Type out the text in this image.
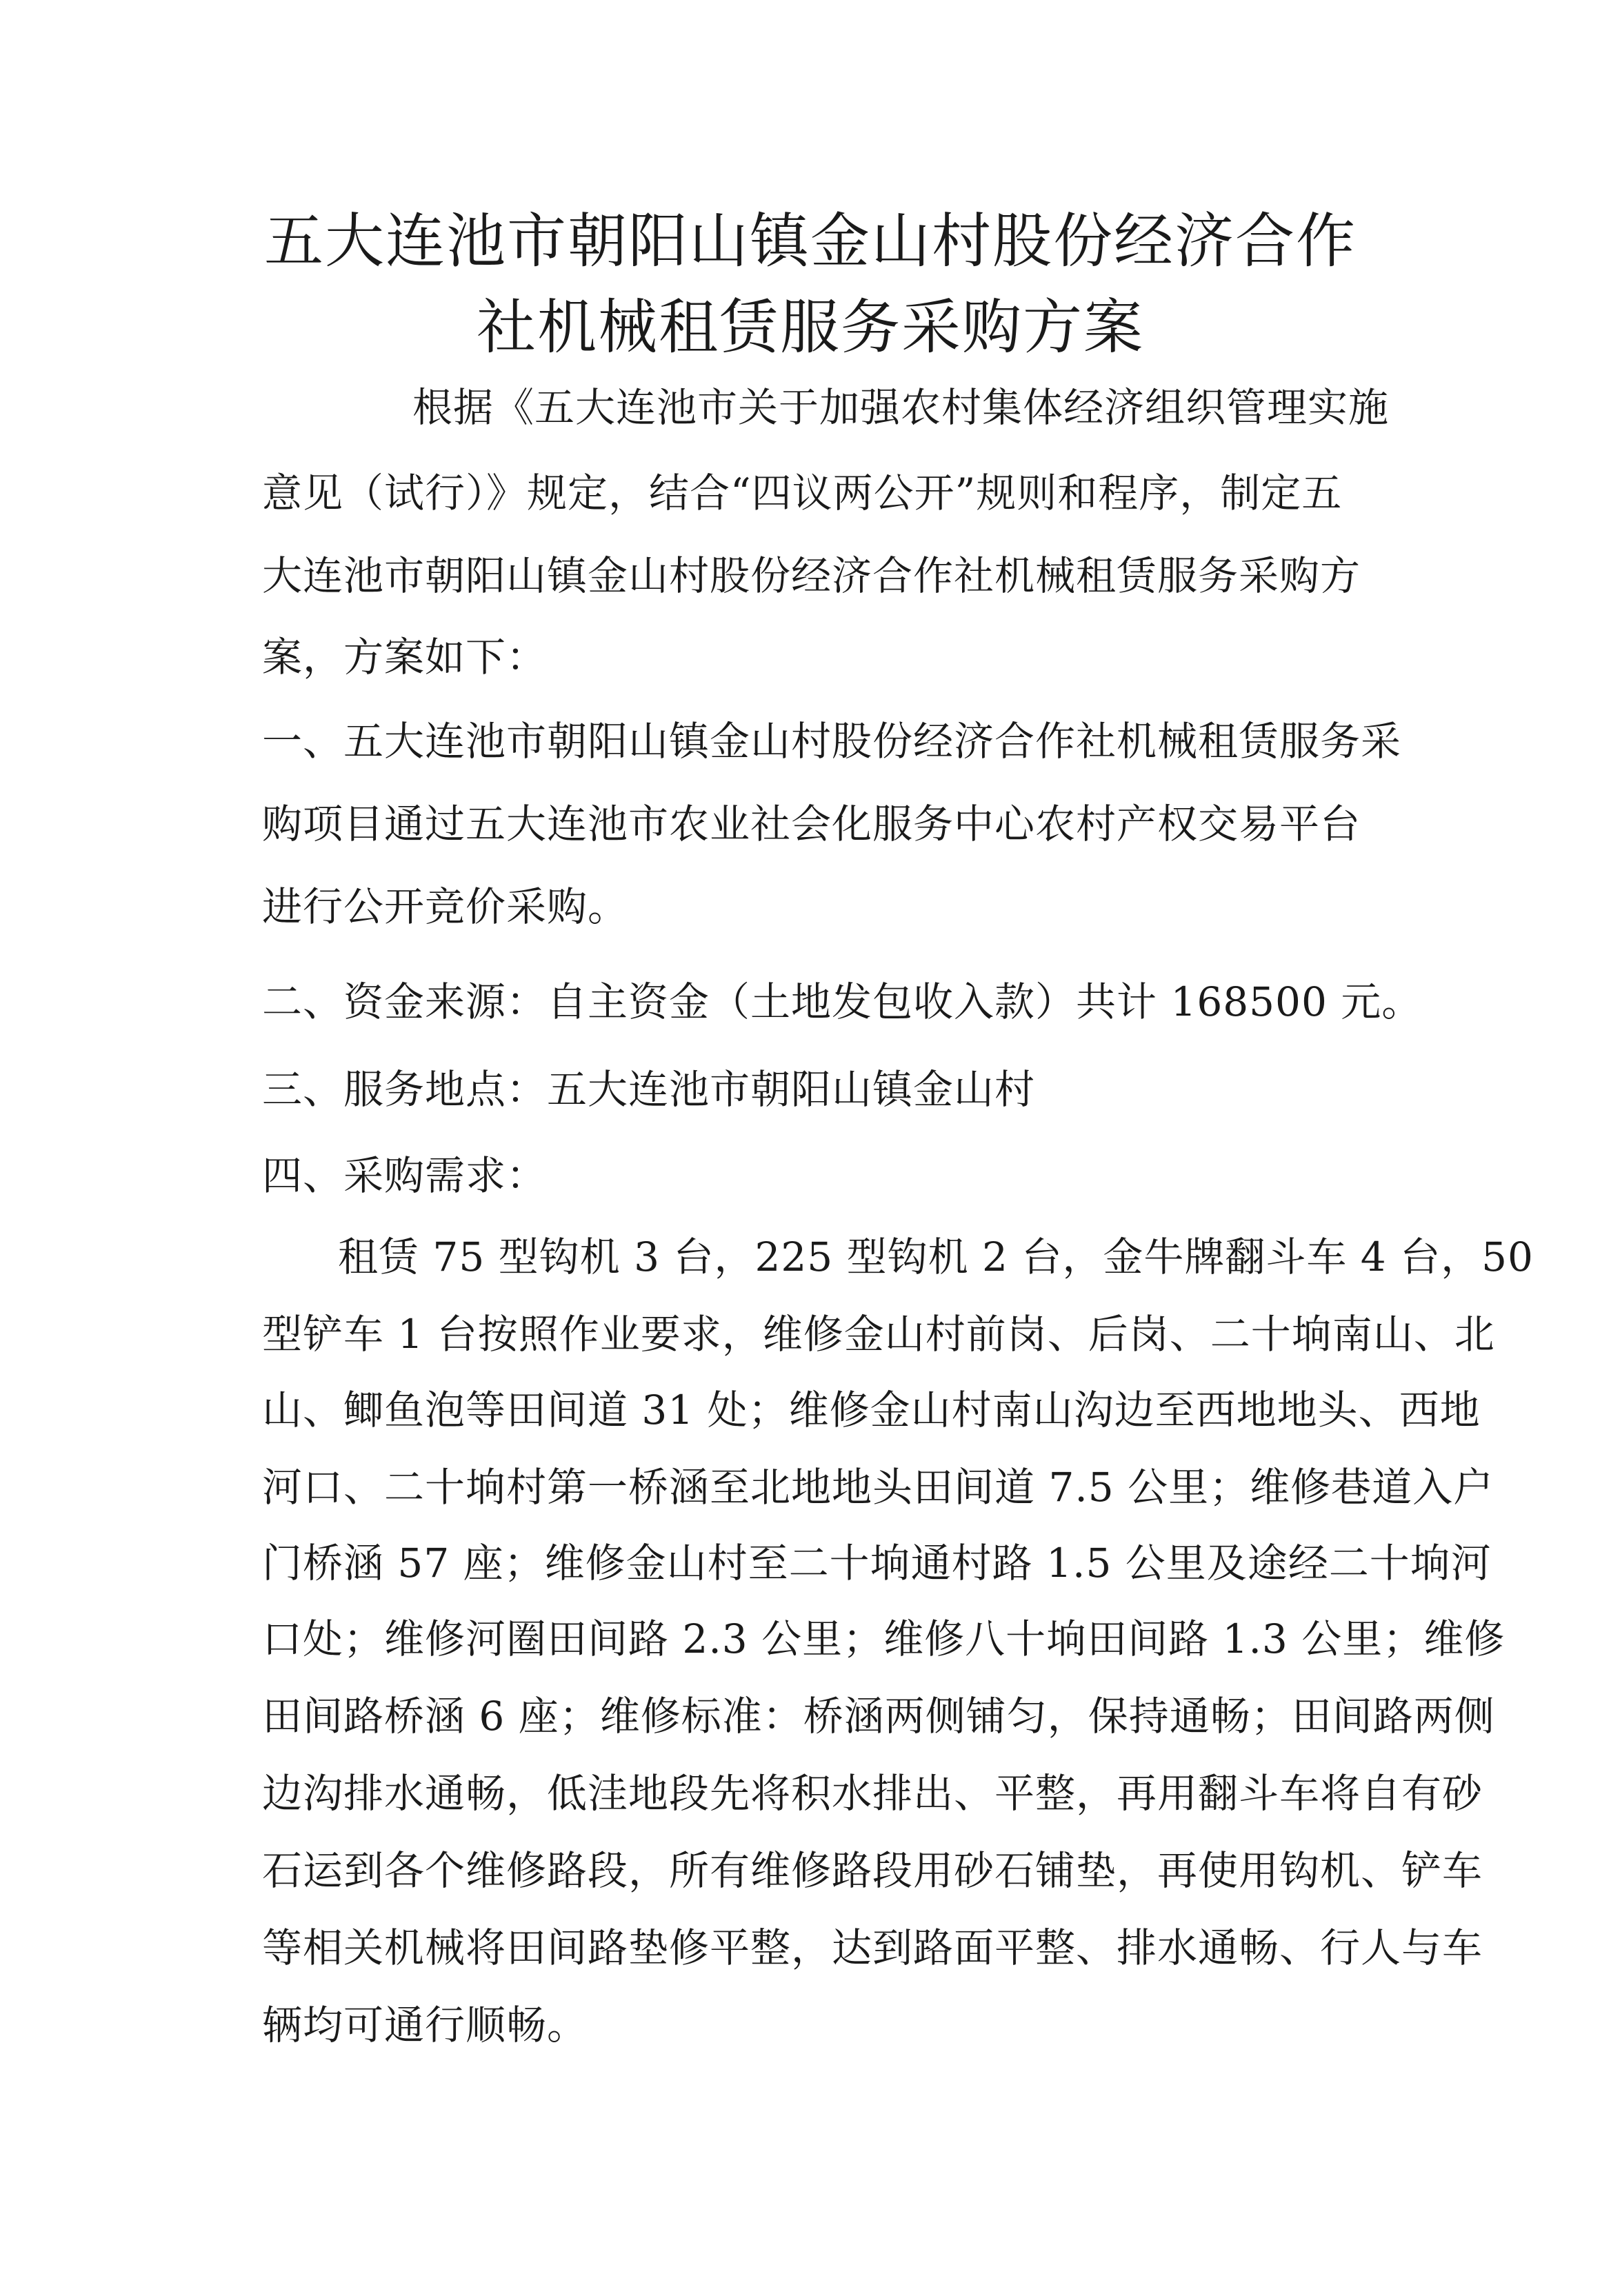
五大连池市朝阳山镇金山村股份经济合作
社机械租赁服务采购方案

根据《五大连池市关于加强农村集体经济组织管理实施

意见（试行）》规定，结合“四议两公开”规则和程序，制定五

大连池市朝阳山镇金山村股份经济合作社机械租赁服务采购方

案，方案如下：

一、五大连池市朝阳山镇金山村股份经济合作社机械租赁服务采

购项目通过五大连池市农业社会化服务中心农村产权交易平台

进行公开竞价采购。

二、资金来源：自主资金（土地发包收入款）共计 168500 元。

三、服务地点：五大连池市朝阳山镇金山村

四、采购需求：

租赁 75 型钩机 3 台，225 型钩机 2 台，金牛牌翻斗车 4 台，50

型铲车 1 台按照作业要求，维修金山村前岗、后岗、二十垧南山、北

山、鲫鱼泡等田间道 31 处；维修金山村南山沟边至西地地头、西地

河口、二十垧村第一桥涵至北地地头田间道 7.5 公里；维修巷道入户

门桥涵 57 座；维修金山村至二十垧通村路 1.5 公里及途经二十垧河

口处；维修河圈田间路 2.3 公里；维修八十垧田间路 1.3 公里；维修

田间路桥涵 6 座；维修标准：桥涵两侧铺匀，保持通畅；田间路两侧

边沟排水通畅，低洼地段先将积水排出、平整，再用翻斗车将自有砂

石运到各个维修路段，所有维修路段用砂石铺垫，再使用钩机、铲车

等相关机械将田间路垫修平整，达到路面平整、排水通畅、行人与车

辆均可通行顺畅。
